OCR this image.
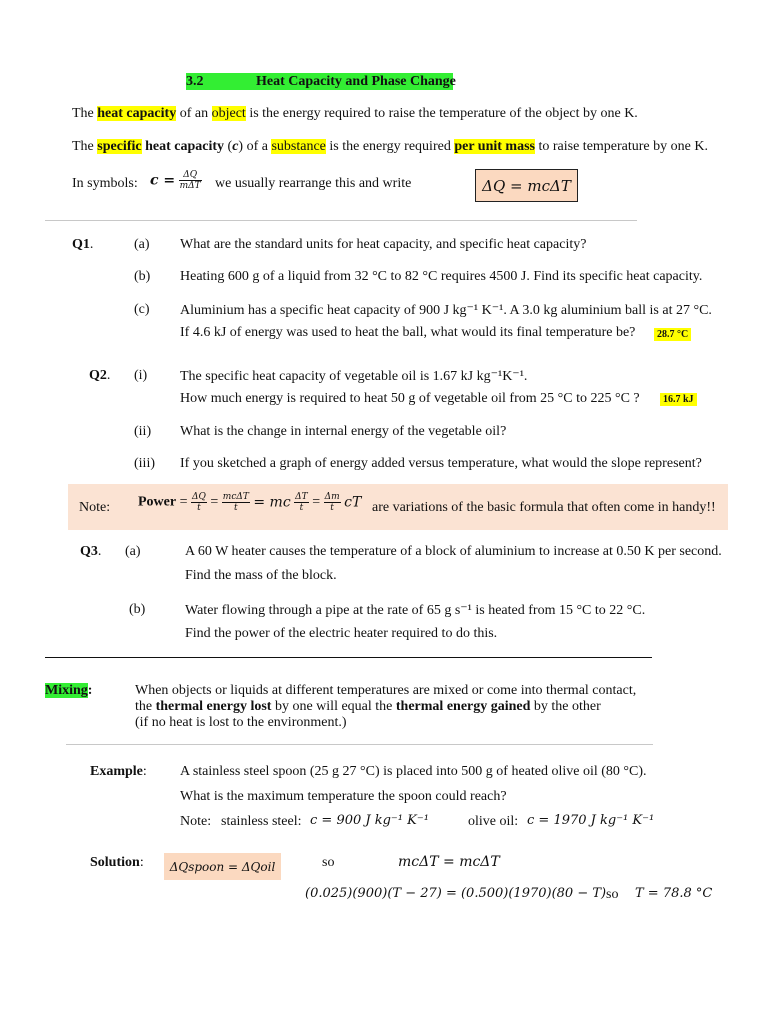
3.2	Heat Capacity and Phase Change
The heat capacity of an object is the energy required to raise the temperature of the object by one K.
The specific heat capacity (c) of a substance is the energy required per unit mass to raise temperature by one K.
In symbols: $c = \frac{\Delta Q}{\text{mΔT}}$ we usually rearrange this and write	ΔQ = mcΔT
Q1.	(a) What are the standard units for heat capacity, and specific heat capacity?
(b) Heating 600 g of a liquid from 32 °C to 82 °C requires 4500 J. Find its specific heat capacity.
(c) Aluminium has a specific heat capacity of 900 J kg⁻¹ K⁻¹. A 3.0 kg aluminium ball is at 27 °C.
If 4.6 kJ of energy was used to heat the ball, what would its final temperature be?	28.7 °C
Q2. (i) The specific heat capacity of vegetable oil is 1.67 kJ kg⁻¹K⁻¹.
How much energy is required to heat 50 g of vegetable oil from 25 °C to 225 °C ?	16.7 kJ
(ii) What is the change in internal energy of the vegetable oil?
(iii) If you sketched a graph of energy added versus temperature, what would the slope represent?
Note: Power = $\frac{\Delta Q}{t} = \frac{\text{mcΔT}}{t}$ = mc $\frac{\Delta T}{t} = \frac{\Delta m}{t}$ cT are variations of the basic formula that often come in handy!!
Q3. (a)	A 60 W heater causes the temperature of a block of aluminium to increase at 0.50 K per second.
Find the mass of the block.
(b)	Water flowing through a pipe at the rate of 65 g s⁻¹ is heated from 15 °C to 22 °C.
Find the power of the electric heater required to do this.
Mixing:	When objects or liquids at different temperatures are mixed or come into thermal contact,
the thermal energy lost by one will equal the thermal energy gained by the other
(if no heat is lost to the environment.)
Example: A stainless steel spoon (25 g 27 °C) is placed into 500 g of heated olive oil (80 °C).
What is the maximum temperature the spoon could reach?
Note: stainless steel: c = 900 J kg⁻¹ K⁻¹	olive oil: c = 1970 J kg⁻¹ K⁻¹
Solution:	ΔQspoon = ΔQoil	so	mcΔT = mcΔT
(0.025)(900)(T − 27) = (0.500)(1970)(80 − T) so T = 78.8 °C
